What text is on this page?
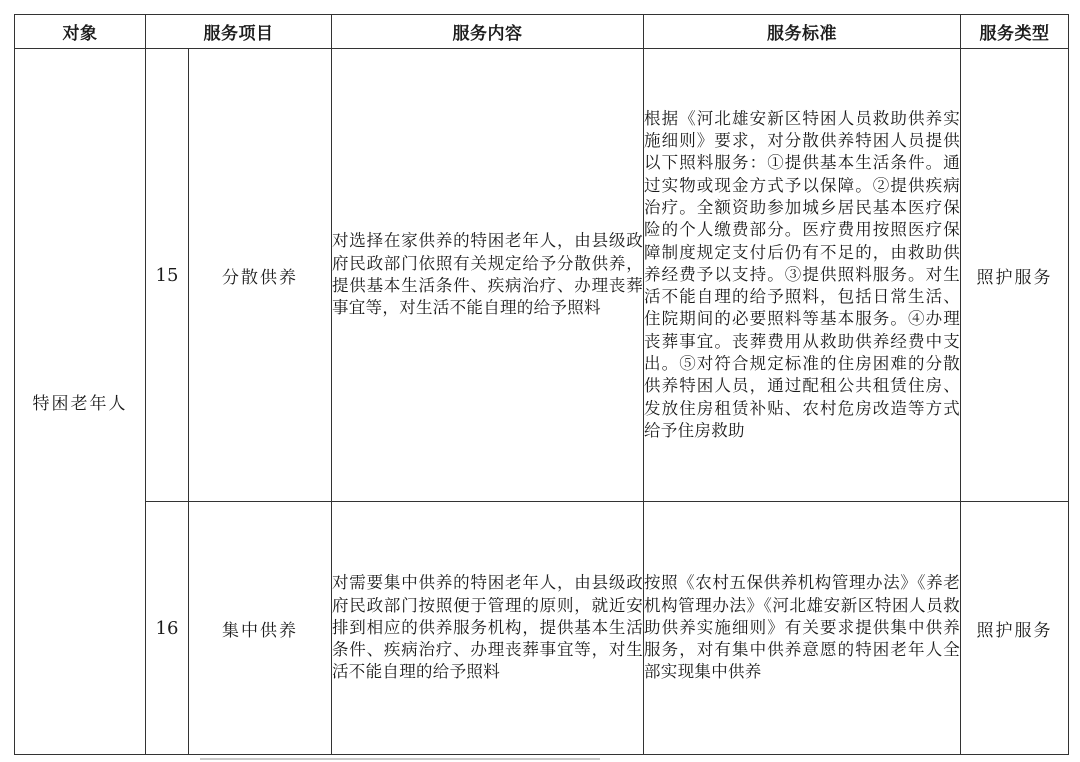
对象	服务项目		服务内容	服务标准	服务类型
特困老年人	15	分散供养	对选择在家供养的特困老年人，由县级政府民政部门依照有关规定给予分散供养，提供基本生活条件、疾病治疗、办理丧葬事宜等，对生活不能自理的给予照料	根据《河北雄安新区特困人员救助供养实施细则》要求，对分散供养特困人员提供以下照料服务：①提供基本生活条件。通过实物或现金方式予以保障。②提供疾病治疗。全额资助参加城乡居民基本医疗保险的个人缴费部分。医疗费用按照医疗保障制度规定支付后仍有不足的，由救助供养经费予以支持。③提供照料服务。对生活不能自理的给予照料，包括日常生活、住院期间的必要照料等基本服务。④办理丧葬事宜。丧葬费用从救助供养经费中支出。⑤对符合规定标准的住房困难的分散供养特困人员，通过配租公共租赁住房、发放住房租赁补贴、农村危房改造等方式给予住房救助	照护服务
	16	集中供养	对需要集中供养的特困老年人，由县级政府民政部门按照便于管理的原则，就近安排到相应的供养服务机构，提供基本生活条件、疾病治疗、办理丧葬事宜等，对生活不能自理的给予照料	按照《农村五保供养机构管理办法》《养老机构管理办法》《河北雄安新区特困人员救助供养实施细则》有关要求提供集中供养服务，对有集中供养意愿的特困老年人全部实现集中供养	照护服务
